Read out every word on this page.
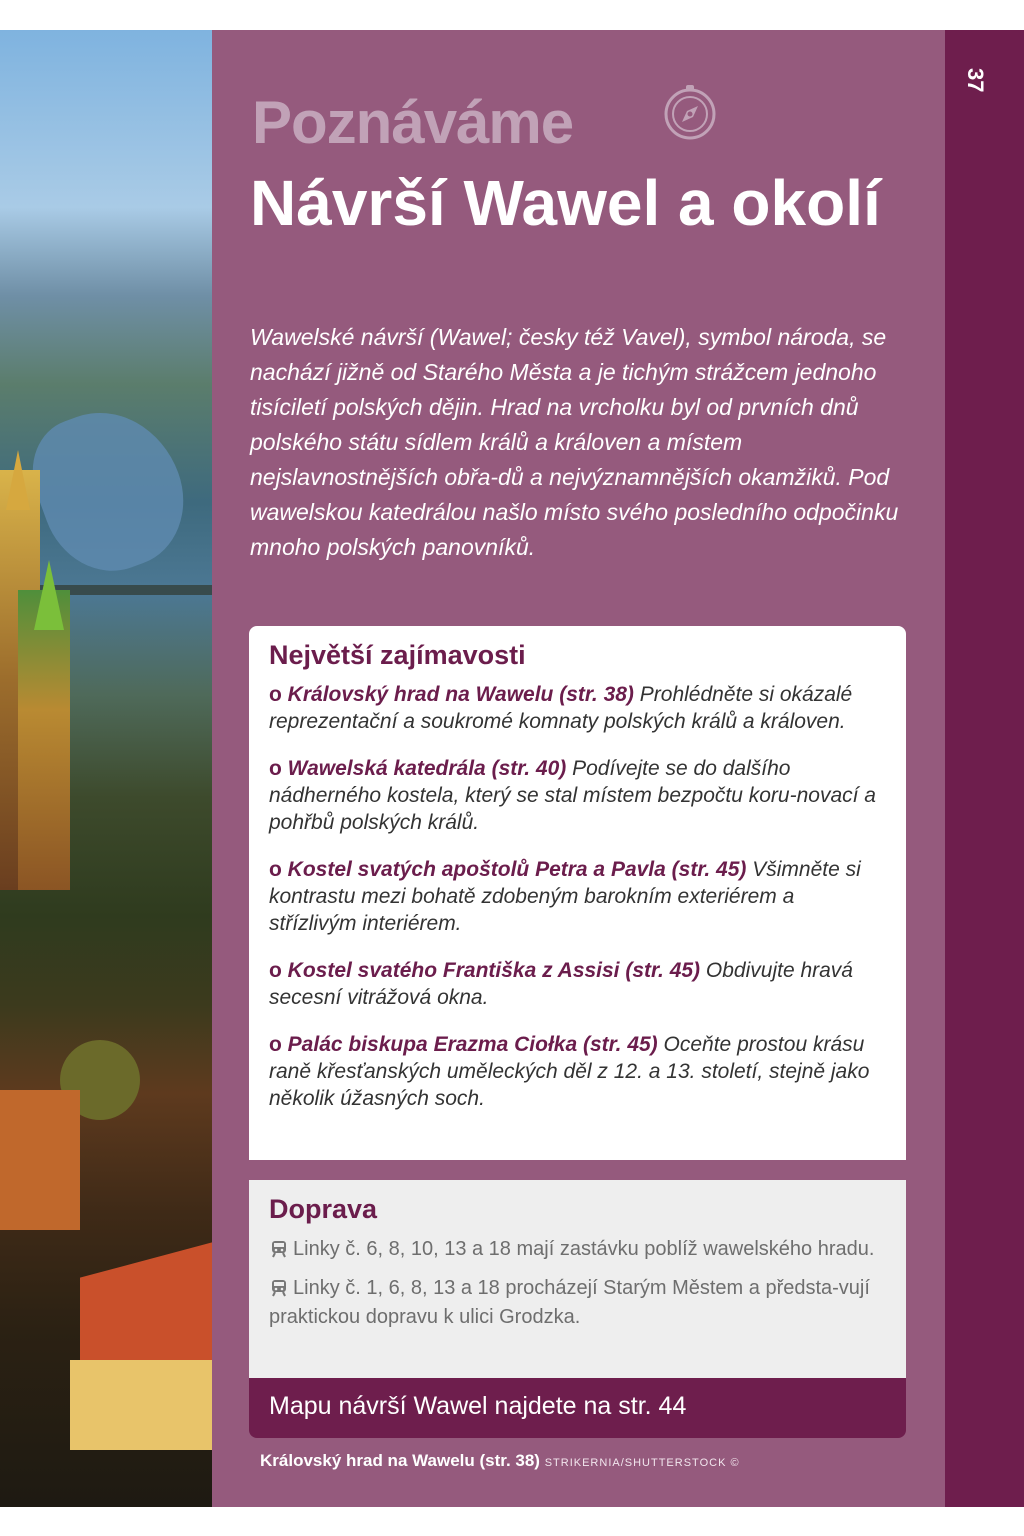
37
Poznáváme
Návrší Wawel a okolí
Wawelské návrší (Wawel; česky též Vavel), symbol národa, se nachází jižně od Starého Města a je tichým strážcem jednoho tisíciletí polských dějin. Hrad na vrcholku byl od prvních dnů polského státu sídlem králů a královen a místem nejslavnostnějších obřa-dů a nejvýznamnějších okamžiků. Pod wawelskou katedrálou našlo místo svého posledního odpočinku mnoho polských panovníků.
Největší zajímavosti
o Královský hrad na Wawelu (str. 38) Prohlédněte si okázalé reprezentační a soukromé komnaty polských králů a královen.
o Wawelská katedrála (str. 40) Podívejte se do dalšího nádherného kostela, který se stal místem bezpočtu koru-novací a pohřbů polských králů.
o Kostel svatých apoštolů Petra a Pavla (str. 45) Všimněte si kontrastu mezi bohatě zdobeným barokním exteriérem a střízlivým interiérem.
o Kostel svatého Františka z Assisi (str. 45) Obdivujte hravá secesní vitrážová okna.
o Palác biskupa Erazma Ciołka (str. 45) Oceňte prostou krásu raně křesťanských uměleckých děl z 12. a 13. století, stejně jako několik úžasných soch.
Doprava
Linky č. 6, 8, 10, 13 a 18 mají zastávku poblíž wawelského hradu.
Linky č. 1, 6, 8, 13 a 18 procházejí Starým Městem a předsta-vují praktickou dopravu k ulici Grodzka.
Mapu návrší Wawel najdete na str. 44
Královský hrad na Wawelu (str. 38) STRIKERNIA/SHUTTERSTOCK ©
